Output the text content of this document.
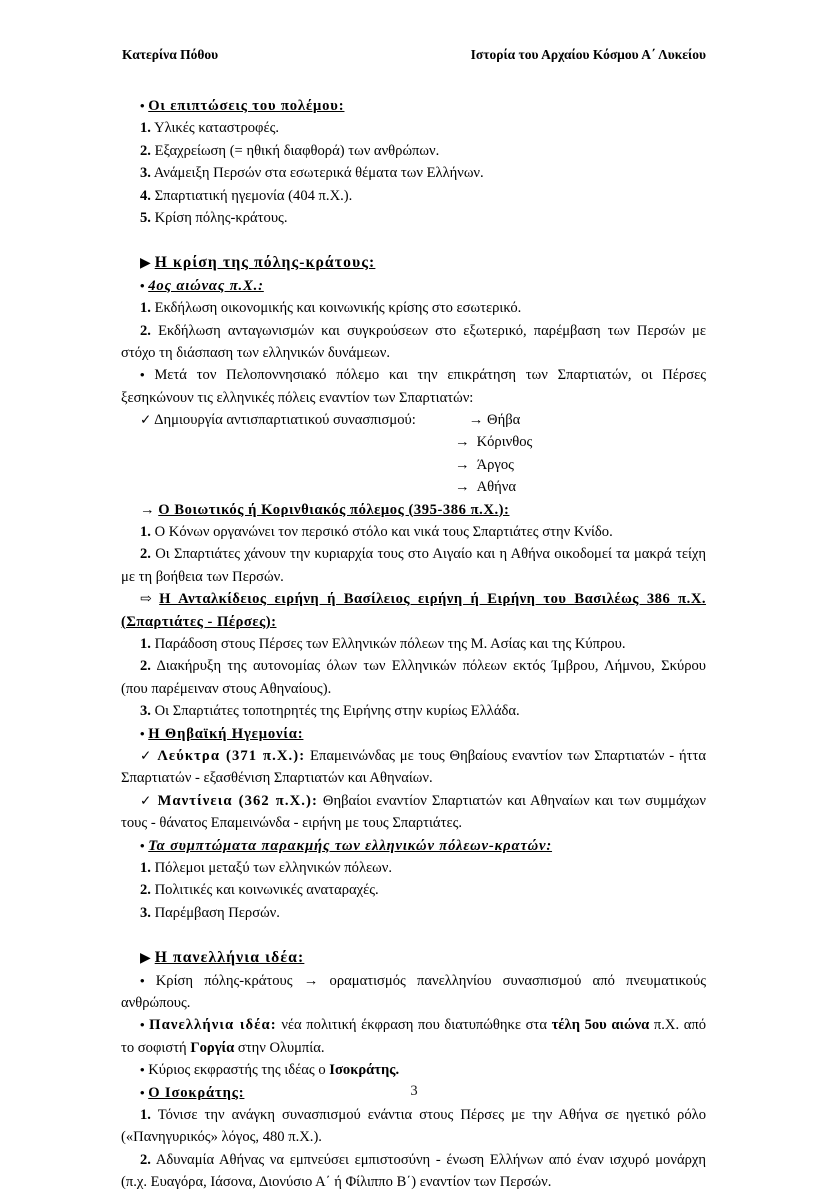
Κατερίνα Πόθου	Ιστορία του Αρχαίου Κόσμου Α΄ Λυκείου

• Οι επιπτώσεις του πολέμου:

1. Υλικές καταστροφές.

2. Εξαχρείωση (= ηθική διαφθορά) των ανθρώπων.

3. Ανάμειξη Περσών στα εσωτερικά θέματα των Ελλήνων.

4. Σπαρτιατική ηγεμονία (404 π.Χ.).

5. Κρίση πόλης-κράτους.

▶ Η κρίση της πόλης-κράτους:

• 4ος αιώνας π.Χ.:

1. Εκδήλωση οικονομικής και κοινωνικής κρίσης στο εσωτερικό.

2. Εκδήλωση ανταγωνισμών και συγκρούσεων στο εξωτερικό, παρέμβαση των Περσών με στόχο τη διάσπαση των ελληνικών δυνάμεων.

• Μετά τον Πελοποννησιακό πόλεμο και την επικράτηση των Σπαρτιατών, οι Πέρσες ξεσηκώνουν τις ελληνικές πόλεις εναντίον των Σπαρτιατών:

✓ Δημιουργία αντισπαρτιατικού συνασπισμού:	→ Θήβα

→ Κόρινθος
→ Άργος
→ Αθήνα

→ Ο Βοιωτικός ή Κορινθιακός πόλεμος (395-386 π.Χ.):

1. Ο Κόνων οργανώνει τον περσικό στόλο και νικά τους Σπαρτιάτες στην Κνίδο.

2. Οι Σπαρτιάτες χάνουν την κυριαρχία τους στο Αιγαίο και η Αθήνα οικοδομεί τα μακρά τείχη με τη βοήθεια των Περσών.

⇨ Η Ανταλκίδειος ειρήνη ή Βασίλειος ειρήνη ή Ειρήνη του Βασιλέως 386 π.Χ. (Σπαρτιάτες - Πέρσες):

1. Παράδοση στους Πέρσες των Ελληνικών πόλεων της Μ. Ασίας και της Κύπρου.

2. Διακήρυξη της αυτονομίας όλων των Ελληνικών πόλεων εκτός Ίμβρου, Λήμνου, Σκύρου (που παρέμειναν στους Αθηναίους).

3. Οι Σπαρτιάτες τοποτηρητές της Ειρήνης στην κυρίως Ελλάδα.

• Η Θηβαϊκή Ηγεμονία:

✓ Λεύκτρα (371 π.Χ.): Επαμεινώνδας με τους Θηβαίους εναντίον των Σπαρτιατών - ήττα Σπαρτιατών - εξασθένιση Σπαρτιατών και Αθηναίων.

✓ Μαντίνεια (362 π.Χ.): Θηβαίοι εναντίον Σπαρτιατών και Αθηναίων και των συμμάχων τους - θάνατος Επαμεινώνδα - ειρήνη με τους Σπαρτιάτες.

• Τα συμπτώματα παρακμής των ελληνικών πόλεων-κρατών:

1. Πόλεμοι μεταξύ των ελληνικών πόλεων.

2. Πολιτικές και κοινωνικές αναταραχές.

3. Παρέμβαση Περσών.

▶ Η πανελλήνια ιδέα:

• Κρίση πόλης-κράτους → οραματισμός πανελληνίου συνασπισμού από πνευματικούς ανθρώπους.

• Πανελλήνια ιδέα: νέα πολιτική έκφραση που διατυπώθηκε στα τέλη 5ου αιώνα π.Χ. από το σοφιστή Γοργία στην Ολυμπία.

• Κύριος εκφραστής της ιδέας ο Ισοκράτης.

• Ο Ισοκράτης:

1. Τόνισε την ανάγκη συνασπισμού ενάντια στους Πέρσες με την Αθήνα σε ηγετικό ρόλο («Πανηγυρικός» λόγος, 480 π.Χ.).

2. Αδυναμία Αθήνας να εμπνεύσει εμπιστοσύνη - ένωση Ελλήνων από έναν ισχυρό μονάρχη (π.χ. Ευαγόρα, Ιάσονα, Διονύσιο Α΄ ή Φίλιππο Β΄) εναντίον των Περσών.

3
